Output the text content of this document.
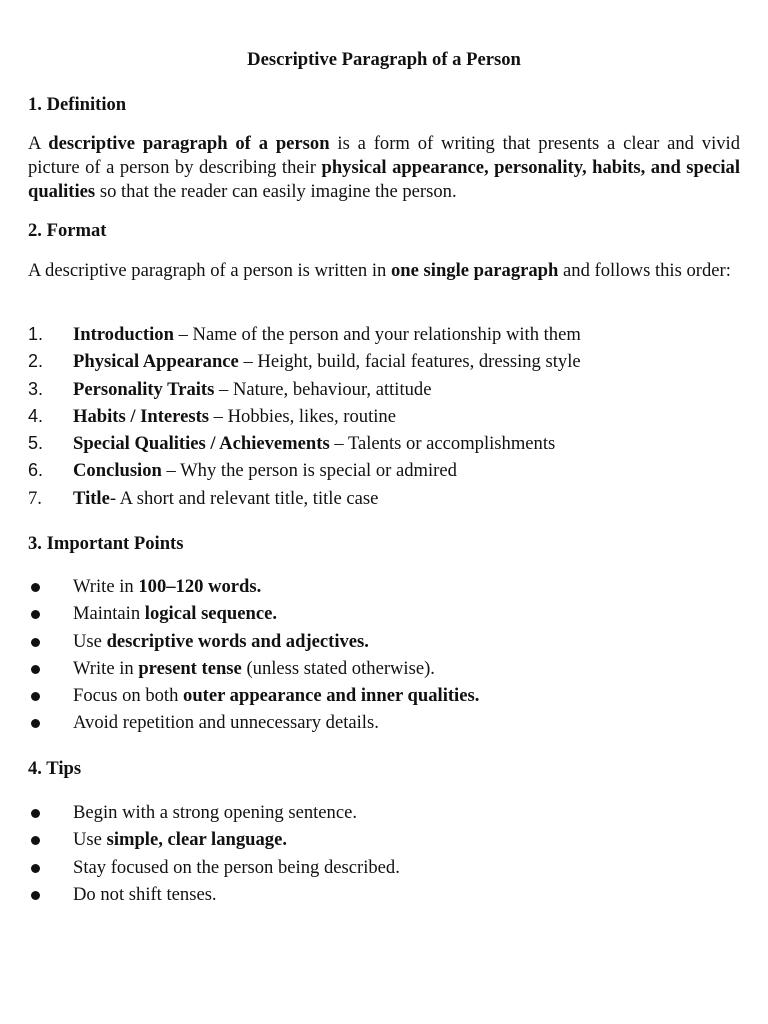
Descriptive Paragraph of a Person
1. Definition

A descriptive paragraph of a person is a form of writing that presents a clear and vivid picture of a person by describing their physical appearance, personality, habits, and special qualities so that the reader can easily imagine the person.

2. Format

A descriptive paragraph of a person is written in one single paragraph and follows this order:

1. Introduction – Name of the person and your relationship with them
2. Physical Appearance – Height, build, facial features, dressing style
3. Personality Traits – Nature, behaviour, attitude
4. Habits / Interests – Hobbies, likes, routine
5. Special Qualities / Achievements – Talents or accomplishments
6. Conclusion – Why the person is special or admired
7. Title- A short and relevant title, title case
3. Important Points
Write in 100–120 words.
Maintain logical sequence.
Use descriptive words and adjectives.
Write in present tense (unless stated otherwise).
Focus on both outer appearance and inner qualities.
Avoid repetition and unnecessary details.
4. Tips
Begin with a strong opening sentence.
Use simple, clear language.
Stay focused on the person being described.
Do not shift tenses.
